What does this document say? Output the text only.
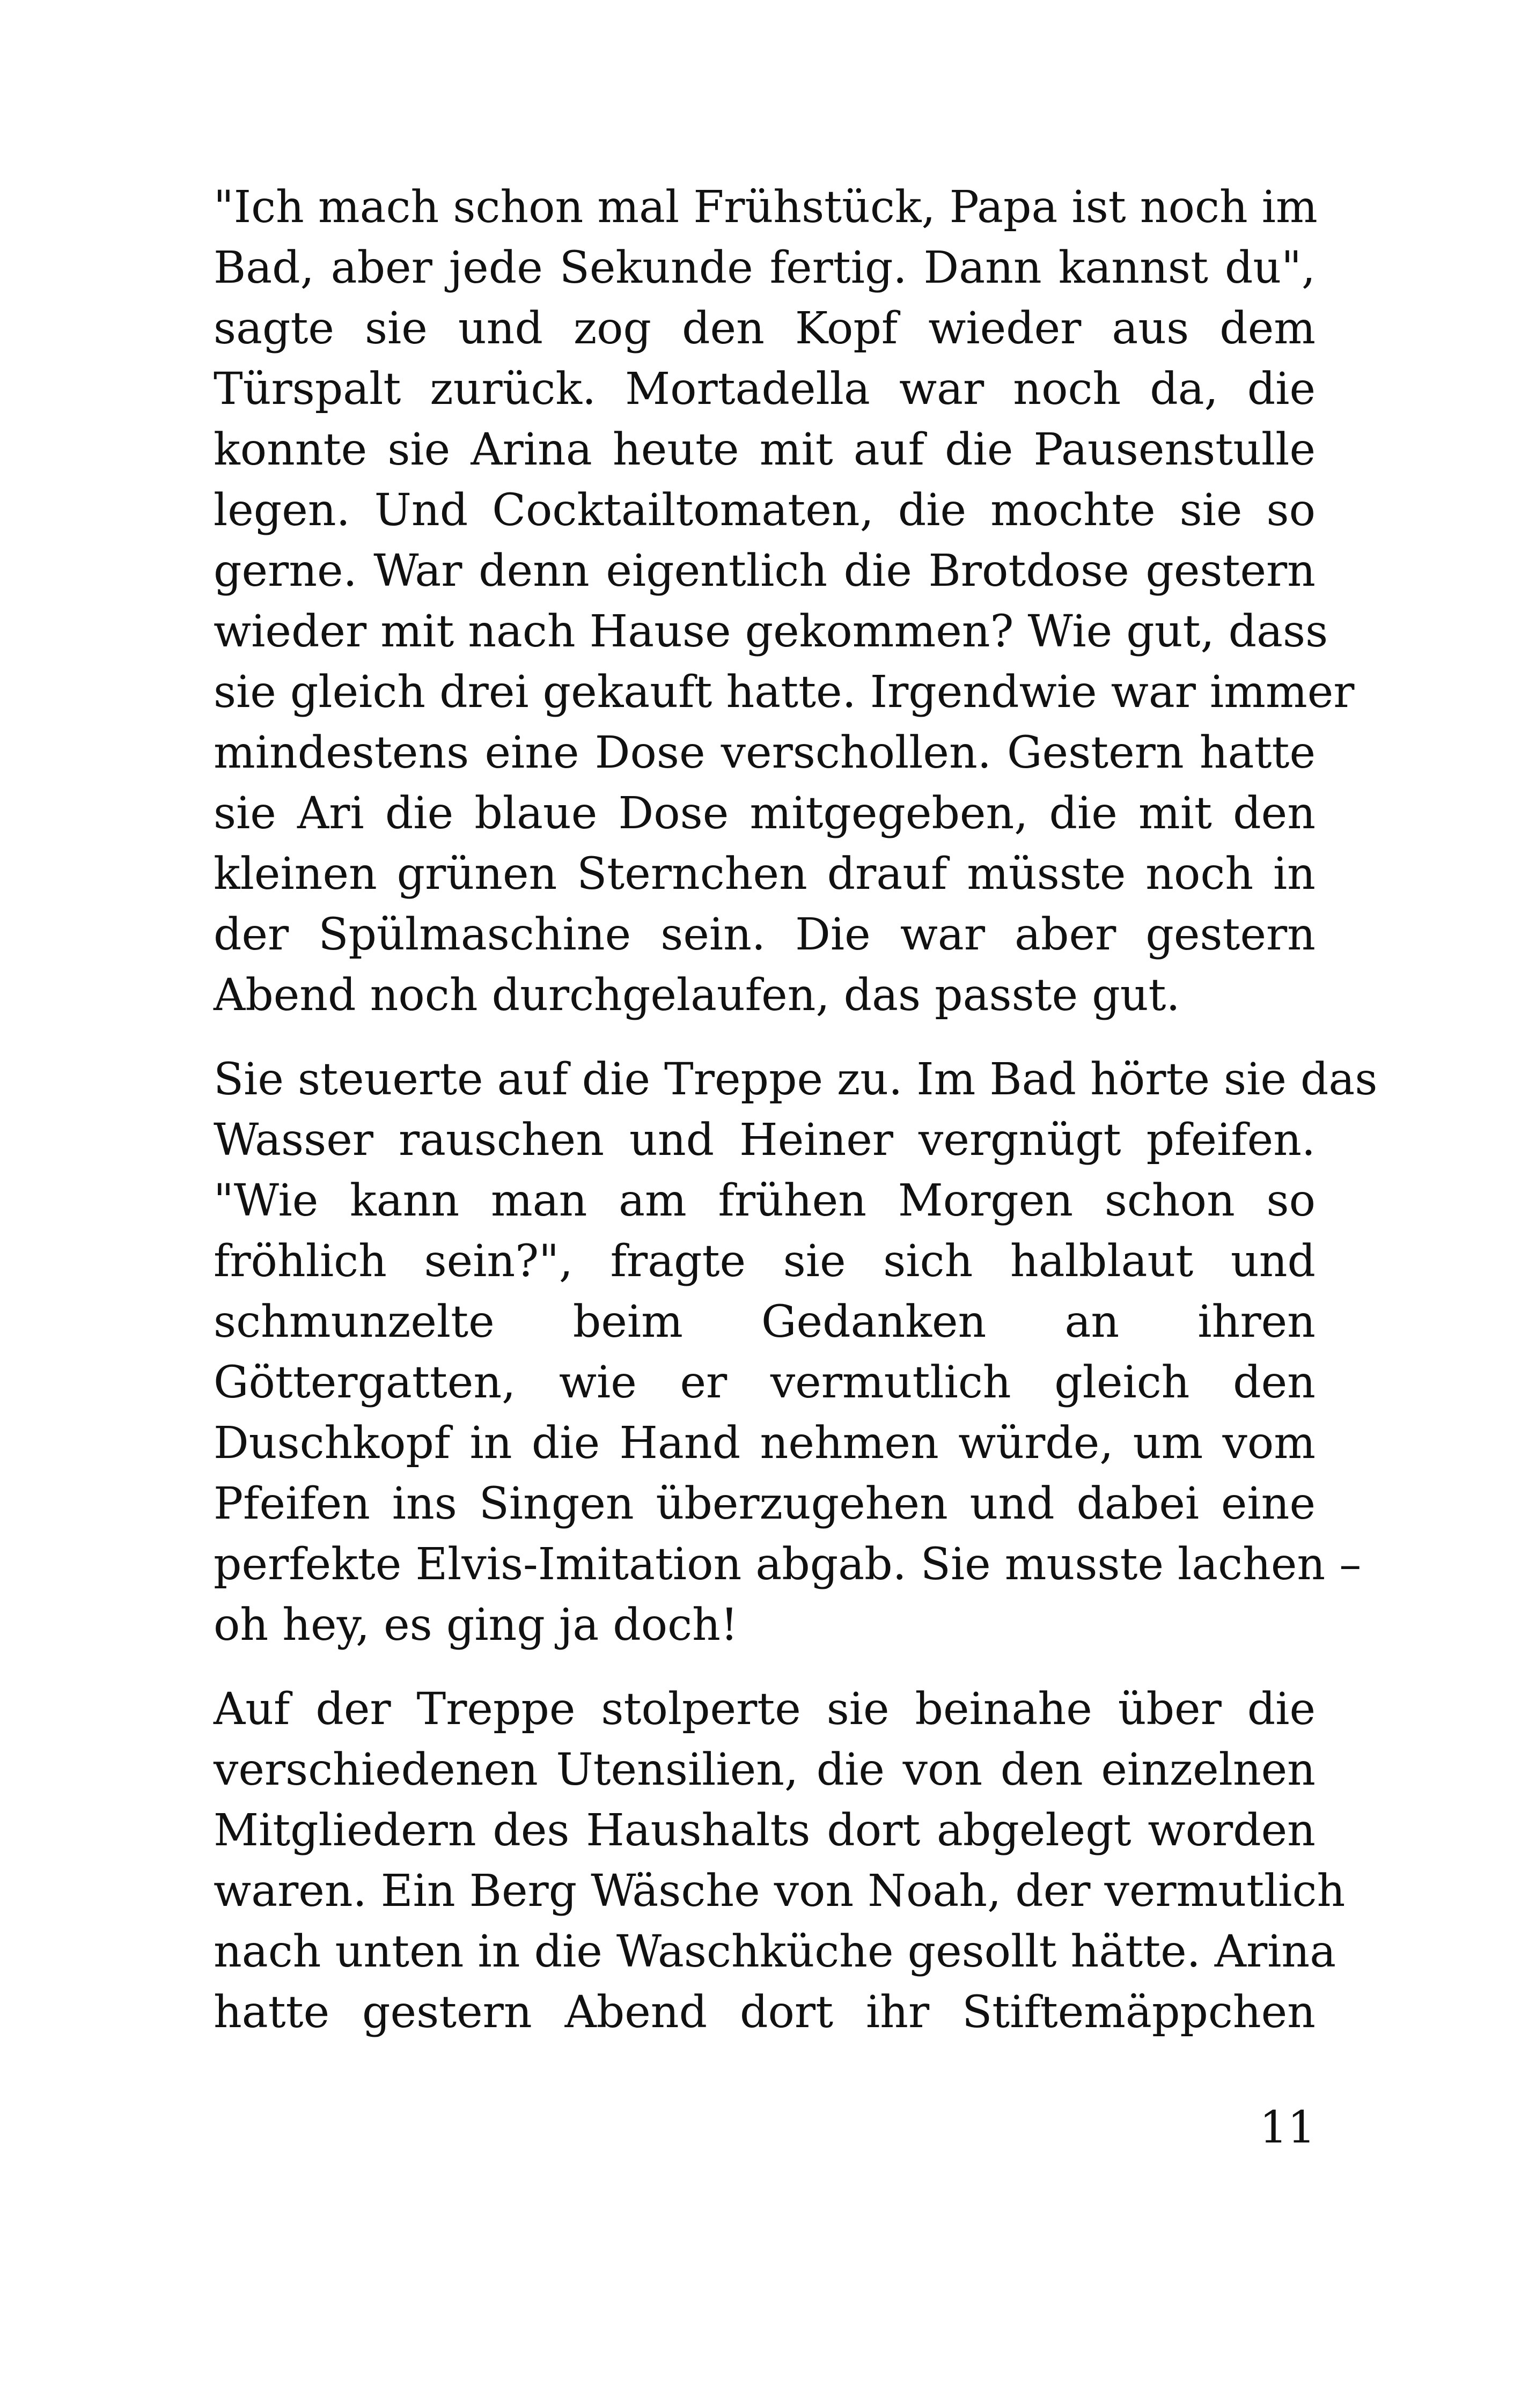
"Ich mach schon mal Frühstück, Papa ist noch im
Bad, aber jede Sekunde fertig. Dann kannst du",
sagte sie und zog den Kopf wieder aus dem
Türspalt zurück. Mortadella war noch da, die
konnte sie Arina heute mit auf die Pausenstulle
legen. Und Cocktailtomaten, die mochte sie so
gerne. War denn eigentlich die Brotdose gestern
wieder mit nach Hause gekommen? Wie gut, dass
sie gleich drei gekauft hatte. Irgendwie war immer
mindestens eine Dose verschollen. Gestern hatte
sie Ari die blaue Dose mitgegeben, die mit den
kleinen grünen Sternchen drauf müsste noch in
der Spülmaschine sein. Die war aber gestern
Abend noch durchgelaufen, das passte gut.
Sie steuerte auf die Treppe zu. Im Bad hörte sie das
Wasser rauschen und Heiner vergnügt pfeifen.
"Wie kann man am frühen Morgen schon so
fröhlich sein?", fragte sie sich halblaut und
schmunzelte beim Gedanken an ihren
Göttergatten, wie er vermutlich gleich den
Duschkopf in die Hand nehmen würde, um vom
Pfeifen ins Singen überzugehen und dabei eine
perfekte Elvis-Imitation abgab. Sie musste lachen –
oh hey, es ging ja doch!
Auf der Treppe stolperte sie beinahe über die
verschiedenen Utensilien, die von den einzelnen
Mitgliedern des Haushalts dort abgelegt worden
waren. Ein Berg Wäsche von Noah, der vermutlich
nach unten in die Waschküche gesollt hätte. Arina
hatte gestern Abend dort ihr Stiftemäppchen
11
